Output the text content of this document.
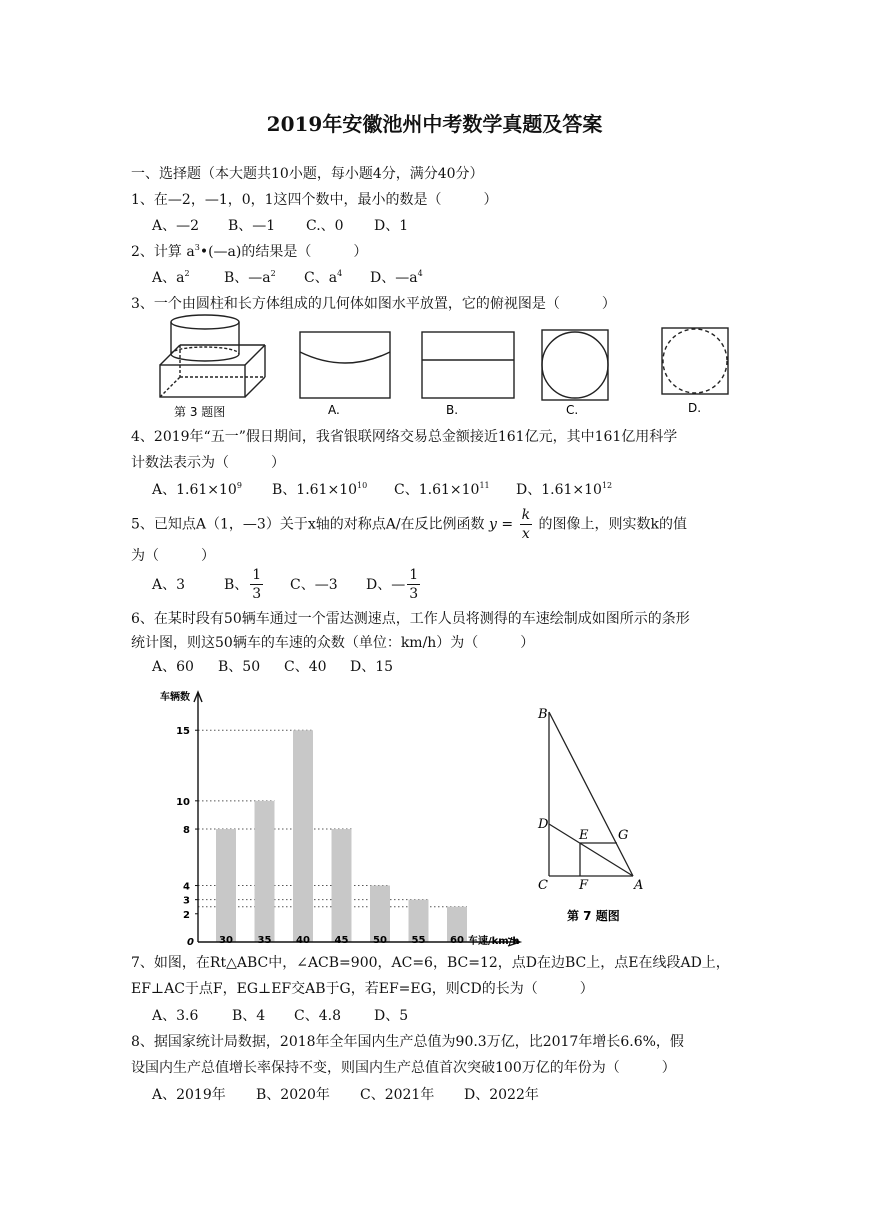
2019年安徽池州中考数学真题及答案
一、选择题（本大题共10小题，每小题4分，满分40分）
1、在—2，—1，0，1这四个数中，最小的数是（　　　）
A、—2 B、—1 C.、0 D、1
2、计算 $a^3•(—a)$的结果是（　　　）
A、$a^2$ B、$—a^2$ C、$a^4$ D、$—a^4$
3、一个由圆柱和长方体组成的几何体如图水平放置，它的俯视图是（　　　）
第 3 题图	A.	B.	C.	D.
4、2019年“五一”假日期间，我省银联网络交易总金额接近161亿元，其中161亿用科学
计数法表示为（　　　）
A、$1.61\times 10^9$ B、$1.61\times 10^{10}$ C、$1.61\times 10^{11}$ D、$1.61\times 10^{12}$
5、已知点A（1，—3）关于x轴的对称点A/在反比例函数 $y = \frac{k}{x}$ 的图像上，则实数k的值
为（　　　）
A、3	B、 $\frac{1}{3}$ C、—3 D、— $\frac{1}{3}$
6、在某时段有50辆车通过一个雷达测速点，工作人员将测得的车速绘制成如图所示的条形
统计图，则这50辆车的车速的众数（单位：km/h）为（　　　）
A、60 B、50 C、40 D、15
30 35 40 45 50 55 60
2
3
4
8
10
15
车辆数
车速/km/h
0
B
D
E G
C F	A
第 7 题图
7、如图，在Rt△ABC中，∠ACB=900，AC=6，BC=12，点D在边BC上，点E在线段AD上，
EF⊥AC于点F，EG⊥EF交AB于G，若EF=EG，则CD的长为（　　　）
A、3.6 B、4 C、4.8 D、5
8、据国家统计局数据，2018年全年国内生产总值为90.3万亿，比2017年增长6.6%，假
设国内生产总值增长率保持不变，则国内生产总值首次突破100万亿的年份为（　　　）
A、2019年 B、2020年 C、2021年 D、2022年
